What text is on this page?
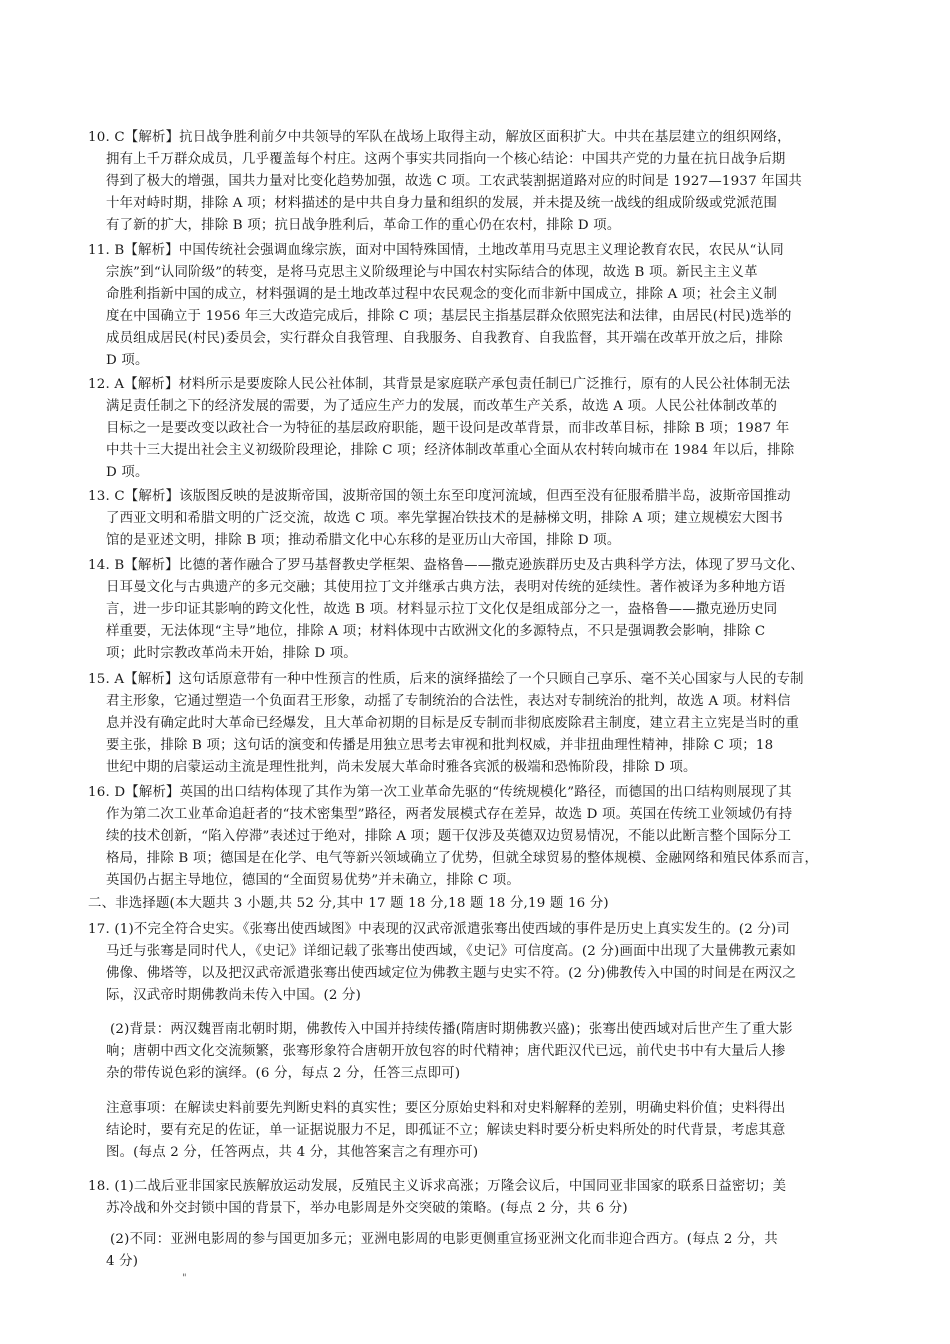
10. C【解析】抗日战争胜利前夕中共领导的军队在战场上取得主动，解放区面积扩大。中共在基层建立的组织网络，
拥有上千万群众成员，几乎覆盖每个村庄。这两个事实共同指向一个核心结论：中国共产党的力量在抗日战争后期
得到了极大的增强，国共力量对比变化趋势加强，故选 C 项。工农武装割据道路对应的时间是 1927—1937 年国共
十年对峙时期，排除 A 项；材料描述的是中共自身力量和组织的发展，并未提及统一战线的组成阶级或党派范围
有了新的扩大，排除 B 项；抗日战争胜利后，革命工作的重心仍在农村，排除 D 项。
11. B【解析】中国传统社会强调血缘宗族，面对中国特殊国情，土地改革用马克思主义理论教育农民，农民从“认同
宗族”到“认同阶级”的转变，是将马克思主义阶级理论与中国农村实际结合的体现，故选 B 项。新民主主义革
命胜利指新中国的成立，材料强调的是土地改革过程中农民观念的变化而非新中国成立，排除 A 项；社会主义制
度在中国确立于 1956 年三大改造完成后，排除 C 项；基层民主指基层群众依照宪法和法律，由居民(村民)选举的
成员组成居民(村民)委员会，实行群众自我管理、自我服务、自我教育、自我监督，其开端在改革开放之后，排除
D 项。
12. A【解析】材料所示是要废除人民公社体制，其背景是家庭联产承包责任制已广泛推行，原有的人民公社体制无法
满足责任制之下的经济发展的需要，为了适应生产力的发展，而改革生产关系，故选 A 项。人民公社体制改革的
目标之一是要改变以政社合一为特征的基层政府职能，题干设问是改革背景，而非改革目标，排除 B 项；1987 年
中共十三大提出社会主义初级阶段理论，排除 C 项；经济体制改革重心全面从农村转向城市在 1984 年以后，排除
D 项。
13. C【解析】该版图反映的是波斯帝国，波斯帝国的领土东至印度河流域，但西至没有征服希腊半岛，波斯帝国推动
了西亚文明和希腊文明的广泛交流，故选 C 项。率先掌握冶铁技术的是赫梯文明，排除 A 项；建立规模宏大图书
馆的是亚述文明，排除 B 项；推动希腊文化中心东移的是亚历山大帝国，排除 D 项。
14. B【解析】比德的著作融合了罗马基督教史学框架、盎格鲁——撒克逊族群历史及古典科学方法，体现了罗马文化、
日耳曼文化与古典遗产的多元交融；其使用拉丁文并继承古典方法，表明对传统的延续性。著作被译为多种地方语
言，进一步印证其影响的跨文化性，故选 B 项。材料显示拉丁文化仅是组成部分之一，盎格鲁——撒克逊历史同
样重要，无法体现“主导”地位，排除 A 项；材料体现中古欧洲文化的多源特点，不只是强调教会影响，排除 C
项；此时宗教改革尚未开始，排除 D 项。
15. A【解析】这句话原意带有一种中性预言的性质，后来的演绎描绘了一个只顾自己享乐、毫不关心国家与人民的专制
君主形象，它通过塑造一个负面君王形象，动摇了专制统治的合法性，表达对专制统治的批判，故选 A 项。材料信
息并没有确定此时大革命已经爆发，且大革命初期的目标是反专制而非彻底废除君主制度，建立君主立宪是当时的重
要主张，排除 B 项；这句话的演变和传播是用独立思考去审视和批判权威，并非扭曲理性精神，排除 C 项；18
世纪中期的启蒙运动主流是理性批判，尚未发展大革命时雅各宾派的极端和恐怖阶段，排除 D 项。
16. D【解析】英国的出口结构体现了其作为第一次工业革命先驱的“传统规模化”路径，而德国的出口结构则展现了其
作为第二次工业革命追赶者的“技术密集型”路径，两者发展模式存在差异，故选 D 项。英国在传统工业领域仍有持
续的技术创新，“陷入停滞”表述过于绝对，排除 A 项；题干仅涉及英德双边贸易情况，不能以此断言整个国际分工
格局，排除 B 项；德国是在化学、电气等新兴领域确立了优势，但就全球贸易的整体规模、金融网络和殖民体系而言，
英国仍占据主导地位，德国的“全面贸易优势”并未确立，排除 C 项。
二、非选择题(本大题共 3 小题,共 52 分,其中 17 题 18 分,18 题 18 分,19 题 16 分)
17. (1)不完全符合史实。《张骞出使西域图》中表现的汉武帝派遣张骞出使西域的事件是历史上真实发生的。(2 分)司
马迁与张骞是同时代人，《史记》详细记载了张骞出使西域，《史记》可信度高。(2 分)画面中出现了大量佛教元素如
佛像、佛塔等，以及把汉武帝派遣张骞出使西域定位为佛教主题与史实不符。(2 分)佛教传入中国的时间是在两汉之
际，汉武帝时期佛教尚未传入中国。(2 分)
(2)背景：两汉魏晋南北朝时期，佛教传入中国并持续传播(隋唐时期佛教兴盛)；张骞出使西域对后世产生了重大影
响；唐朝中西文化交流频繁，张骞形象符合唐朝开放包容的时代精神；唐代距汉代已远，前代史书中有大量后人掺
杂的带传说色彩的演绎。(6 分，每点 2 分，任答三点即可)
注意事项：在解读史料前要先判断史料的真实性；要区分原始史料和对史料解释的差别，明确史料价值；史料得出
结论时，要有充足的佐证，单一证据说服力不足，即孤证不立；解读史料时要分析史料所处的时代背景，考虑其意
图。(每点 2 分，任答两点，共 4 分，其他答案言之有理亦可)
18. (1)二战后亚非国家民族解放运动发展，反殖民主义诉求高涨；万隆会议后，中国同亚非国家的联系日益密切；美
苏冷战和外交封锁中国的背景下，举办电影周是外交突破的策略。(每点 2 分，共 6 分)
(2)不同：亚洲电影周的参与国更加多元；亚洲电影周的电影更侧重宣扬亚洲文化而非迎合西方。(每点 2 分，共
4 分)
"
